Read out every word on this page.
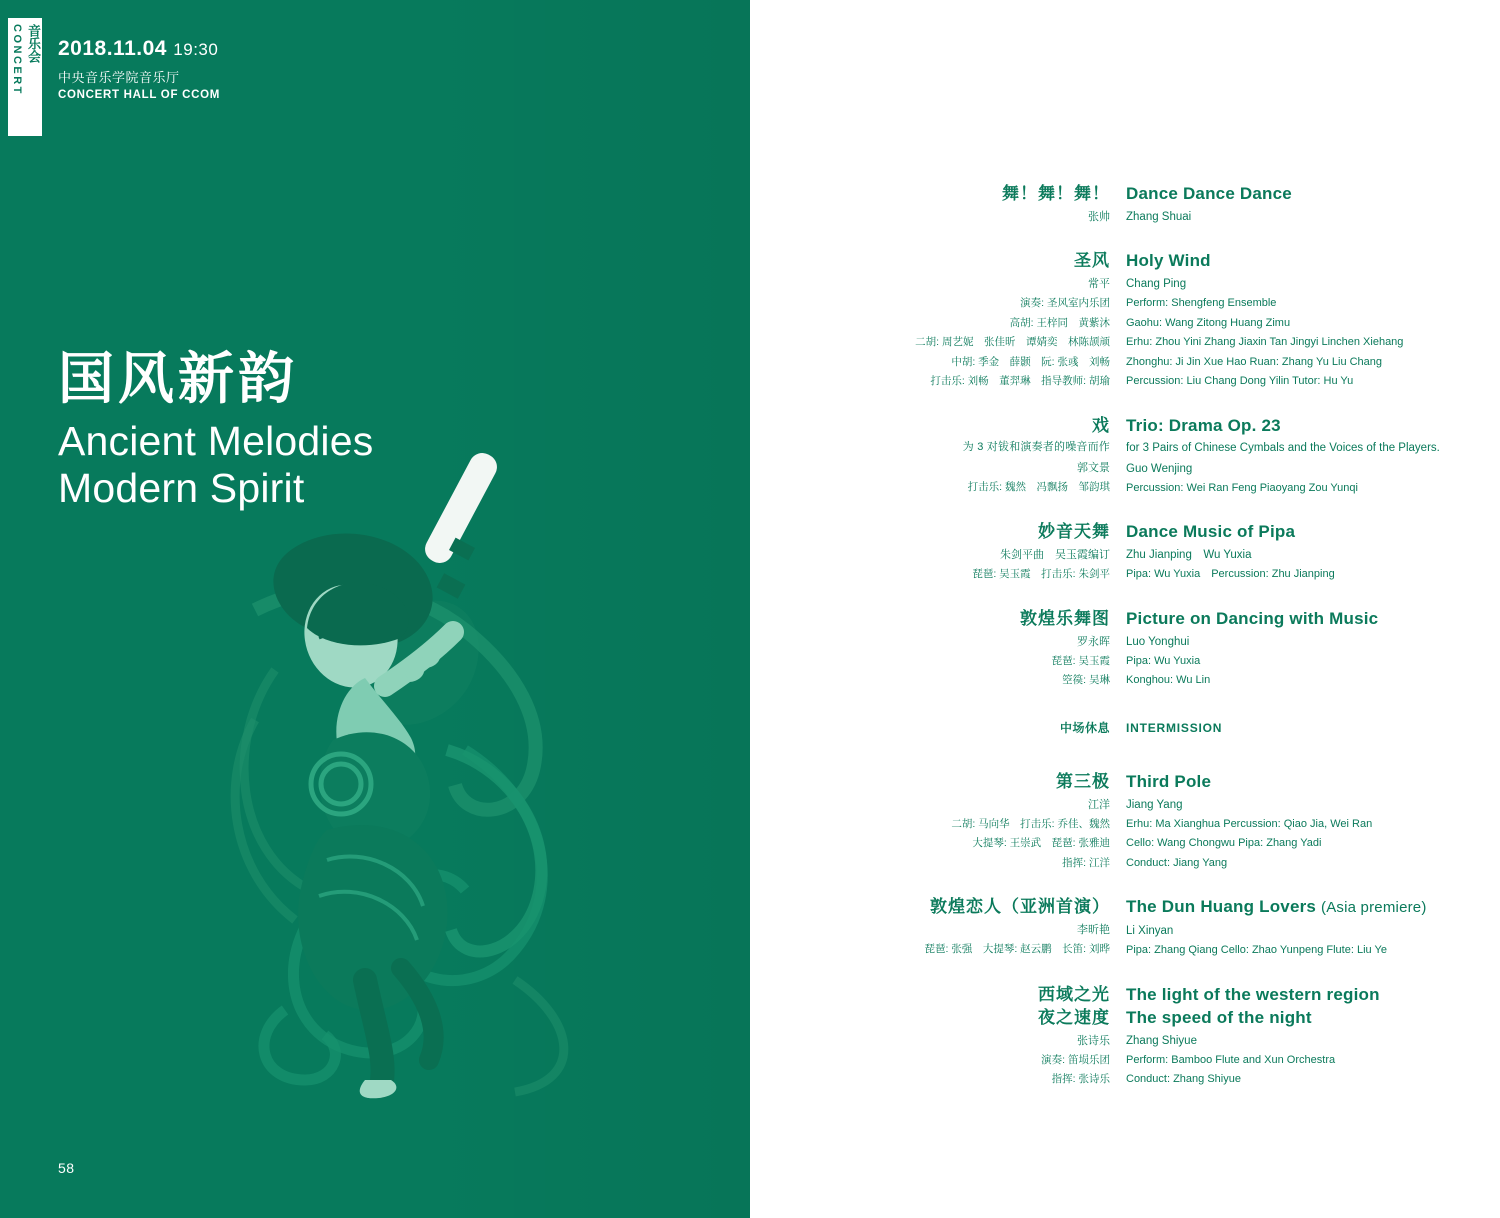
音乐会 CONCERT	2018.11.04 19:30
中央音乐学院音乐厅
CONCERT HALL OF CCOM
国风新韵
Ancient Melodies
Modern Spirit
58
舞！舞！舞！
张帅
Dance Dance Dance
Zhang Shuai
圣风
常平
演奏: 圣风室内乐团
高胡: 王梓同　黄紫沐
二胡: 周艺妮　张佳昕　谭婧奕　林陈颉颃
中胡: 季金　薛颢　阮: 张彧　刘畅
打击乐: 刘畅　董羿琳　指导教师: 胡瑜
Holy Wind
Chang Ping
Perform: Shengfeng Ensemble
Gaohu: Wang Zitong Huang Zimu
Erhu: Zhou Yini Zhang Jiaxin Tan Jingyi Linchen Xiehang
Zhonghu: Ji Jin Xue Hao Ruan: Zhang Yu Liu Chang
Percussion: Liu Chang Dong Yilin Tutor: Hu Yu
戏
为 3 对钹和演奏者的噪音而作
郭文景
打击乐: 魏然　冯飘扬　邹韵琪
Trio: Drama Op. 23
for 3 Pairs of Chinese Cymbals and the Voices of the Players.
Guo Wenjing
Percussion: Wei Ran Feng Piaoyang Zou Yunqi
妙音天舞
朱剑平曲　吴玉霞编订
琵琶: 吴玉霞　打击乐: 朱剑平
Dance Music of Pipa
Zhu Jianping　Wu Yuxia
Pipa: Wu Yuxia　Percussion: Zhu Jianping
敦煌乐舞图
罗永晖
琵琶: 吴玉霞
箜篌: 吴琳
Picture on Dancing with Music
Luo Yonghui
Pipa: Wu Yuxia
Konghou: Wu Lin
中场休息 INTERMISSION
第三极
江洋
二胡: 马向华　打击乐: 乔佳、魏然
大提琴: 王崇武　琵琶: 张雅迪
指挥: 江洋
Third Pole
Jiang Yang
Erhu: Ma Xianghua Percussion: Qiao Jia, Wei Ran
Cello: Wang Chongwu Pipa: Zhang Yadi
Conduct: Jiang Yang
敦煌恋人（亚洲首演）
李昕艳
琵琶: 张强　大提琴: 赵云鹏　长笛: 刘晔
The Dun Huang Lovers (Asia premiere)
Li Xinyan
Pipa: Zhang Qiang Cello: Zhao Yunpeng Flute: Liu Ye
西域之光
夜之速度
张诗乐
演奏: 笛埙乐团
指挥: 张诗乐
The light of the western region
The speed of the night
Zhang Shiyue
Perform: Bamboo Flute and Xun Orchestra
Conduct: Zhang Shiyue
